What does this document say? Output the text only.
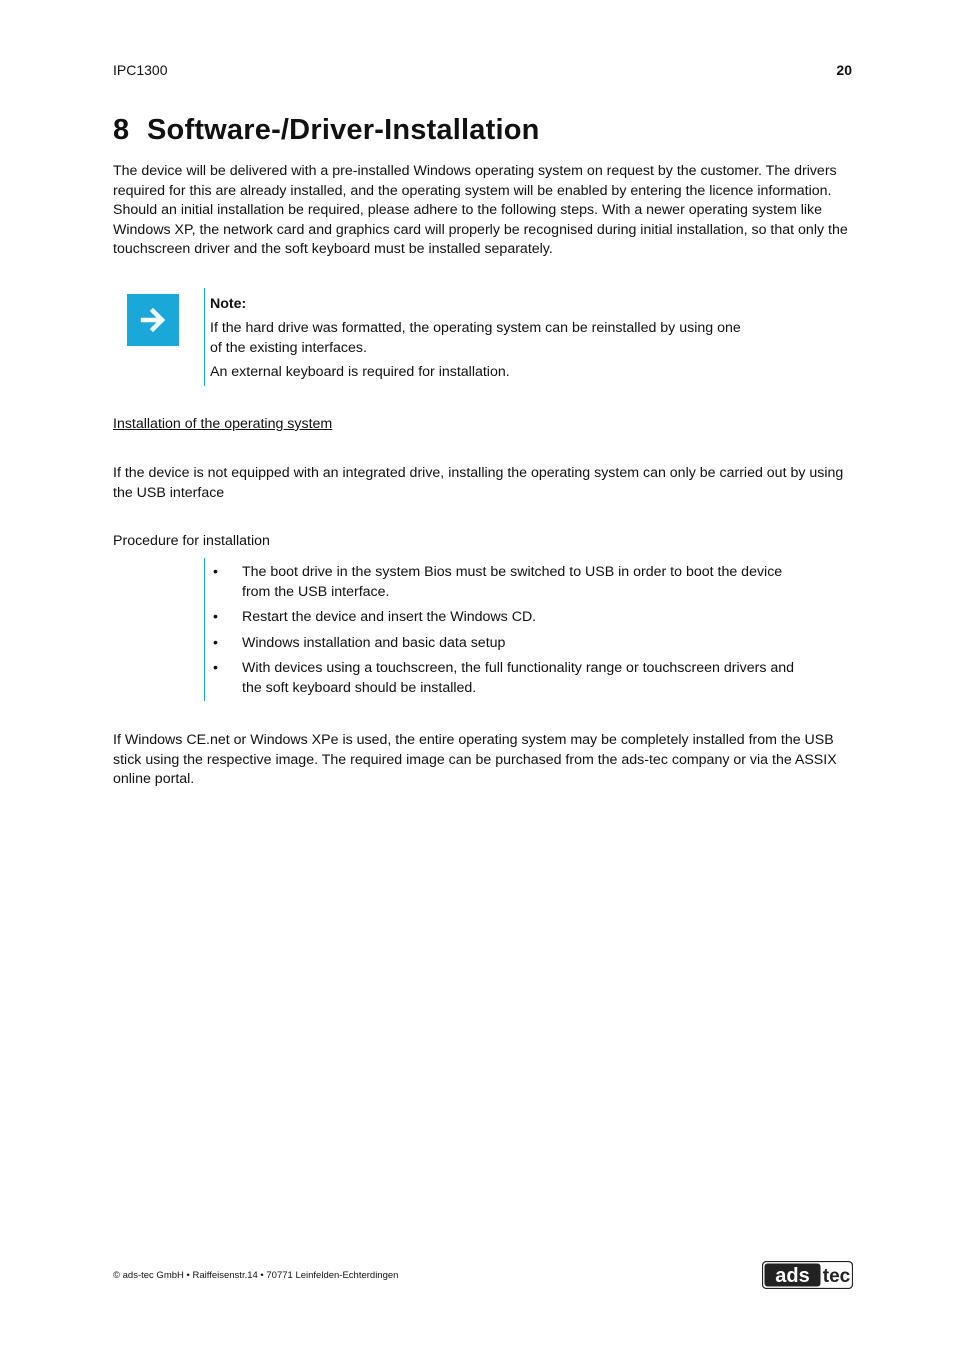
IPC1300	20
8 Software-/Driver-Installation
The device will be delivered with a pre-installed Windows operating system on request by the customer. The drivers required for this are already installed, and the operating system will be enabled by entering the licence information. Should an initial installation be required, please adhere to the following steps. With a newer operating system like Windows XP, the network card and graphics card will properly be recognised during initial installation, so that only the touchscreen driver and the soft keyboard must be installed separately.
Note:
If the hard drive was formatted, the operating system can be reinstalled by using one of the existing interfaces.
An external keyboard is required for installation.
Installation of the operating system
If the device is not equipped with an integrated drive, installing the operating system can only be carried out by using the USB interface
Procedure for installation
• The boot drive in the system Bios must be switched to USB in order to boot the device from the USB interface.
• Restart the device and insert the Windows CD.
• Windows installation and basic data setup
• With devices using a touchscreen, the full functionality range or touchscreen drivers and the soft keyboard should be installed.
If Windows CE.net or Windows XPe is used, the entire operating system may be completely installed from the USB stick using the respective image. The required image can be purchased from the ads-tec company or via the ASSIX online portal.
© ads-tec GmbH • Raiffeisenstr.14 • 70771 Leinfelden-Echterdingen	ads tec
